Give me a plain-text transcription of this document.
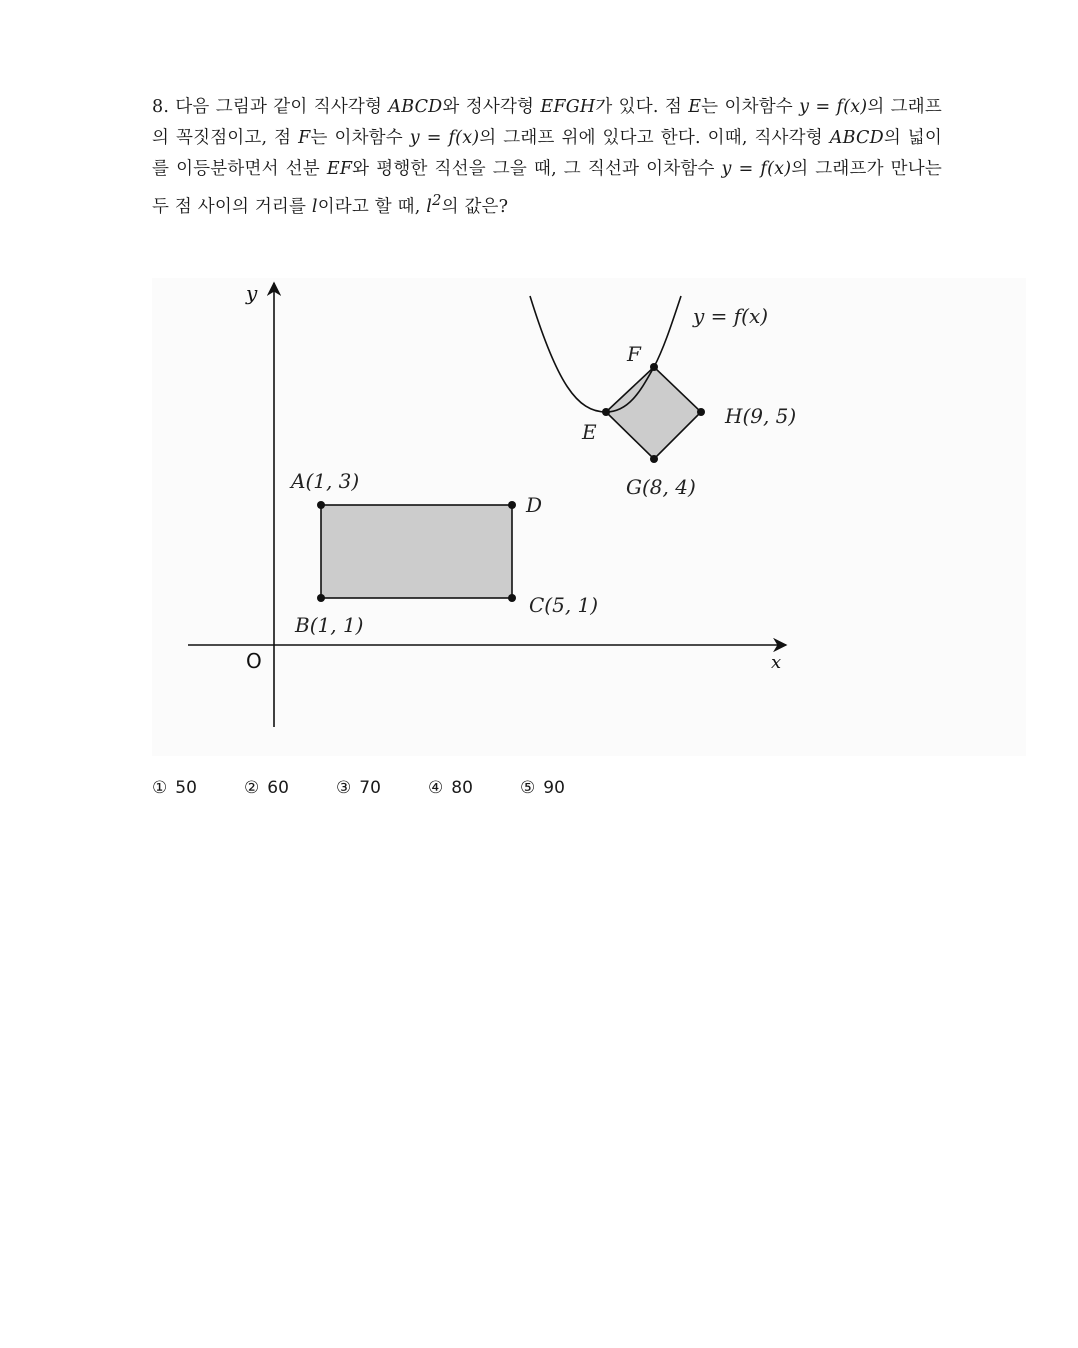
8. 다음 그림과 같이 직사각형 ABCD와 정사각형 EFGH가 있다. 점 E는 이차함수 y = f(x)의 그래프의 꼭짓점이고, 점 F는 이차함수 y = f(x)의 그래프 위에 있다고 한다. 이때, 직사각형 ABCD의 넓이를 이등분하면서 선분 EF와 평행한 직선을 그을 때, 그 직선과 이차함수 y = f(x)의 그래프가 만나는 두 점 사이의 거리를 l이라고 할 때, $l^2$의 값은?
x
y
O
A(1, 3)
B(1, 1)
C(5, 1)
D
E
F
G(8, 4)
H(9, 5)
y = f(x)
① 50	② 60	③ 70	④ 80	⑤ 90
